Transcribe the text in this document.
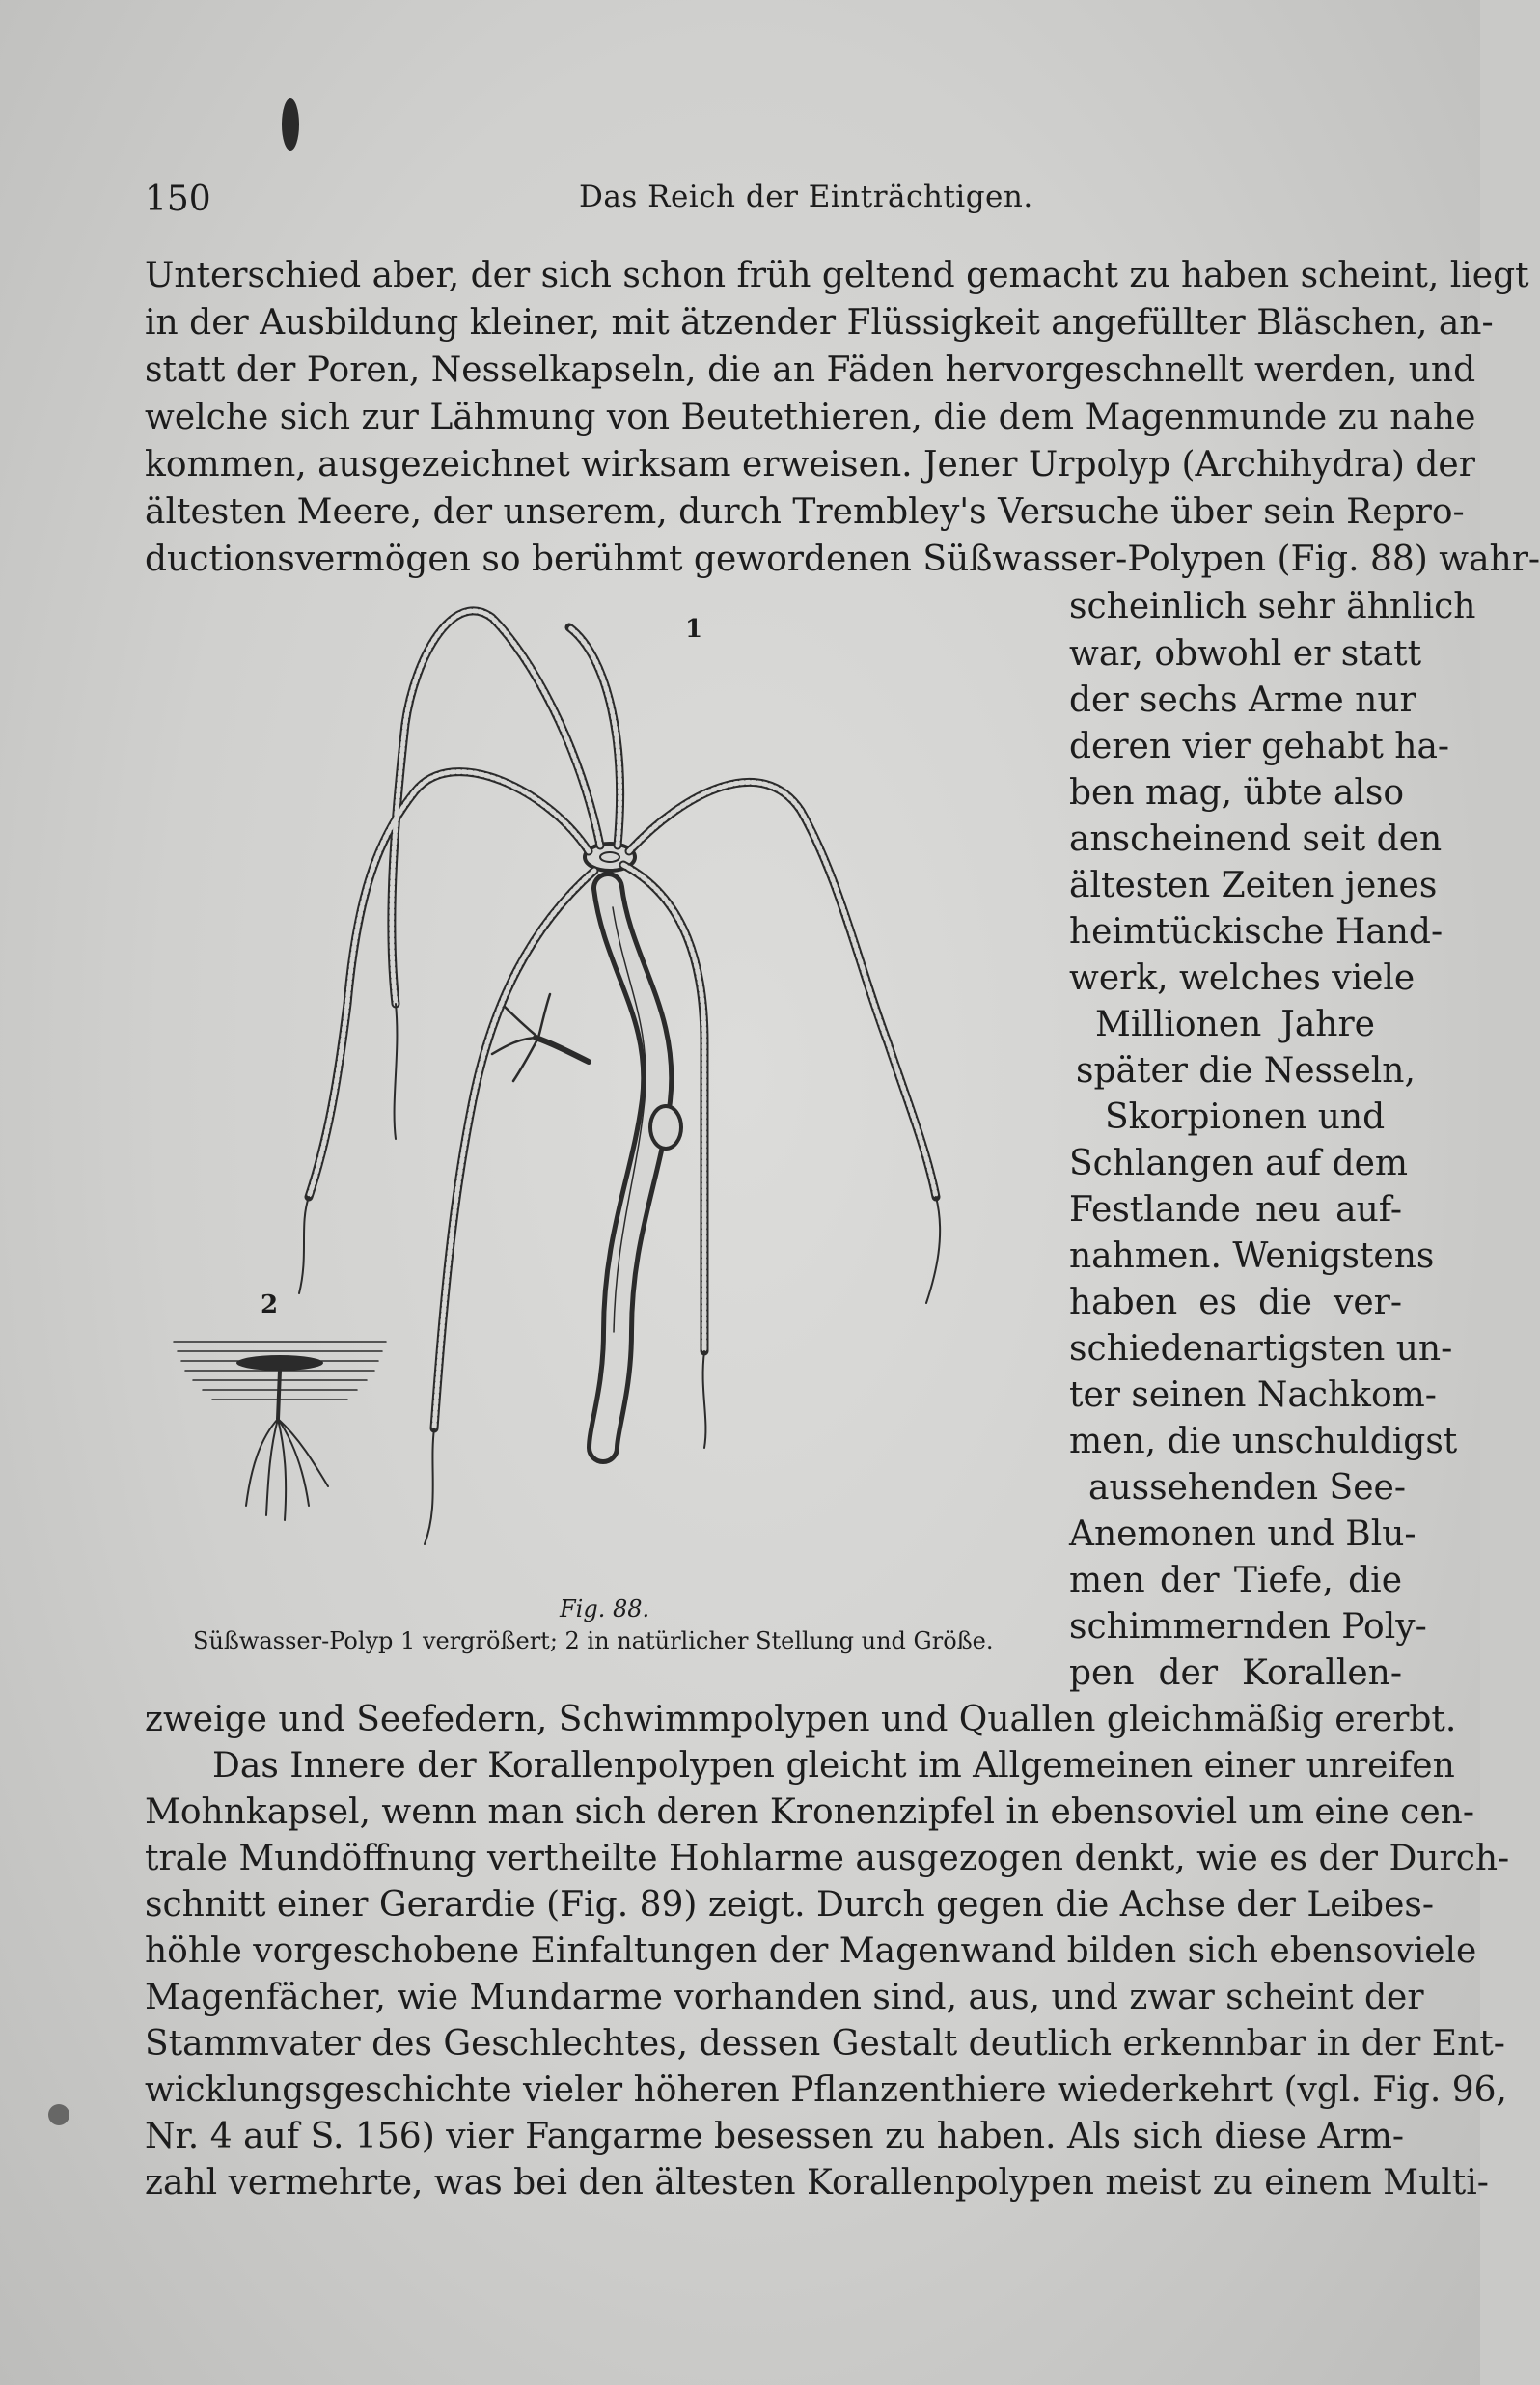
150	Das Reich der Einträchtigen.
Unterschied aber, der sich schon früh geltend gemacht zu haben scheint, liegt
in der Ausbildung kleiner, mit ätzender Flüssigkeit angefüllter Bläschen, an-
statt der Poren, Nesselkapseln, die an Fäden hervorgeschnellt werden, und
welche sich zur Lähmung von Beutethieren, die dem Magenmunde zu nahe
kommen, ausgezeichnet wirksam erweisen. Jener Urpolyp (Archihydra) der
ältesten Meere, der unserem, durch Trembley's Versuche über sein Repro-
ductionsvermögen so berühmt gewordenen Süßwasser-Polypen (Fig. 88) wahr-
scheinlich sehr ähnlich
war, obwohl er statt
der sechs Arme nur
deren vier gehabt ha-
ben mag, übte also
anscheinend seit den
ältesten Zeiten jenes
heimtückische Hand-
werk, welches viele
Millionen Jahre
später die Nesseln,
Skorpionen und
Schlangen auf dem
Festlande neu auf-
nahmen. Wenigstens
haben es die ver-
schiedenartigsten un-
ter seinen Nachkom-
men, die unschuldigst
aussehenden See-
Anemonen und Blu-
men der Tiefe, die
schimmernden Poly-
pen der Korallen-
1
2
Fig. 88.
Süßwasser-Polyp 1 vergrößert; 2 in natürlicher Stellung und Größe.
zweige und Seefedern, Schwimmpolypen und Quallen gleichmäßig ererbt.
Das Innere der Korallenpolypen gleicht im Allgemeinen einer unreifen
Mohnkapsel, wenn man sich deren Kronenzipfel in ebensoviel um eine cen-
trale Mundöffnung vertheilte Hohlarme ausgezogen denkt, wie es der Durch-
schnitt einer Gerardie (Fig. 89) zeigt. Durch gegen die Achse der Leibes-
höhle vorgeschobene Einfaltungen der Magenwand bilden sich ebensoviele
Magenfächer, wie Mundarme vorhanden sind, aus, und zwar scheint der
Stammvater des Geschlechtes, dessen Gestalt deutlich erkennbar in der Ent-
wicklungsgeschichte vieler höheren Pflanzenthiere wiederkehrt (vgl. Fig. 96,
Nr. 4 auf S. 156) vier Fangarme besessen zu haben. Als sich diese Arm-
zahl vermehrte, was bei den ältesten Korallenpolypen meist zu einem Multi-
